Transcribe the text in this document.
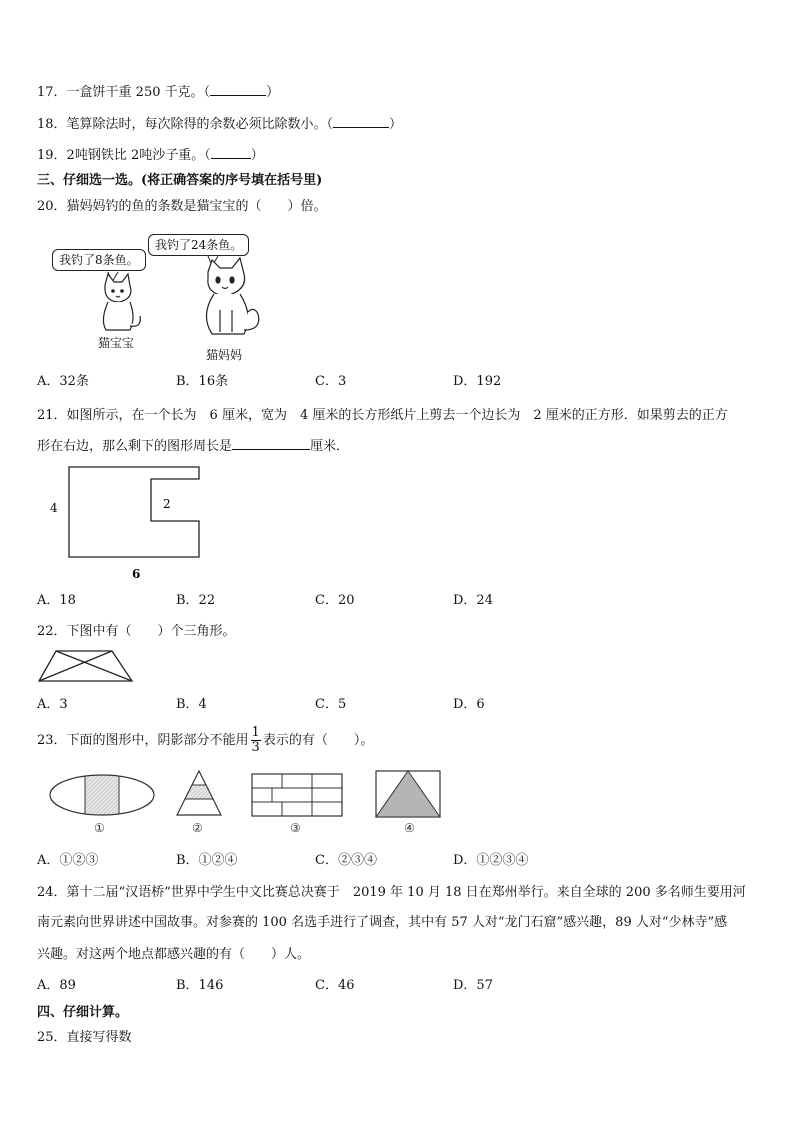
17．一盒饼干重 250 千克。（	）
18．笔算除法时，每次除得的余数必须比除数小。（	）
19．2吨钢铁比 2吨沙子重。（	）
三、仔细选一选。(将正确答案的序号填在括号里)
20．猫妈妈钓的鱼的条数是猫宝宝的（　　）倍。
我钓了8条鱼。
我钓了24条鱼。
猫宝宝
猫妈妈
A．32条	B．16条	C．3	D．192
21．如图所示，在一个长为　6 厘米，宽为　4 厘米的长方形纸片上剪去一个边长为　2 厘米的正方形．如果剪去的正方
形在右边，那么剩下的图形周长是	厘米．
4	2
6
A．18	B．22	C．20	D．24
22．下图中有（　　）个三角形。
A．3	B．4	C．5	D．6
23．下面的图形中，阴影部分不能用 $\frac{1}{3}$ 表示的有（　　）。
①	②	③	④
A．①②③	B．①②④	C．②③④	D．①②③④
24．第十二届“汉语桥”世界中学生中文比赛总决赛于　2019 年 10 月 18 日在郑州举行。来自全球的 200 多名师生要用河
南元素向世界讲述中国故事。对参赛的 100 名选手进行了调查，其中有 57 人对“龙门石窟”感兴趣，89 人对“少林寺”感
兴趣。对这两个地点都感兴趣的有（　　）人。
A．89	B．146	C．46	D．57
四、仔细计算。
25．直接写得数
